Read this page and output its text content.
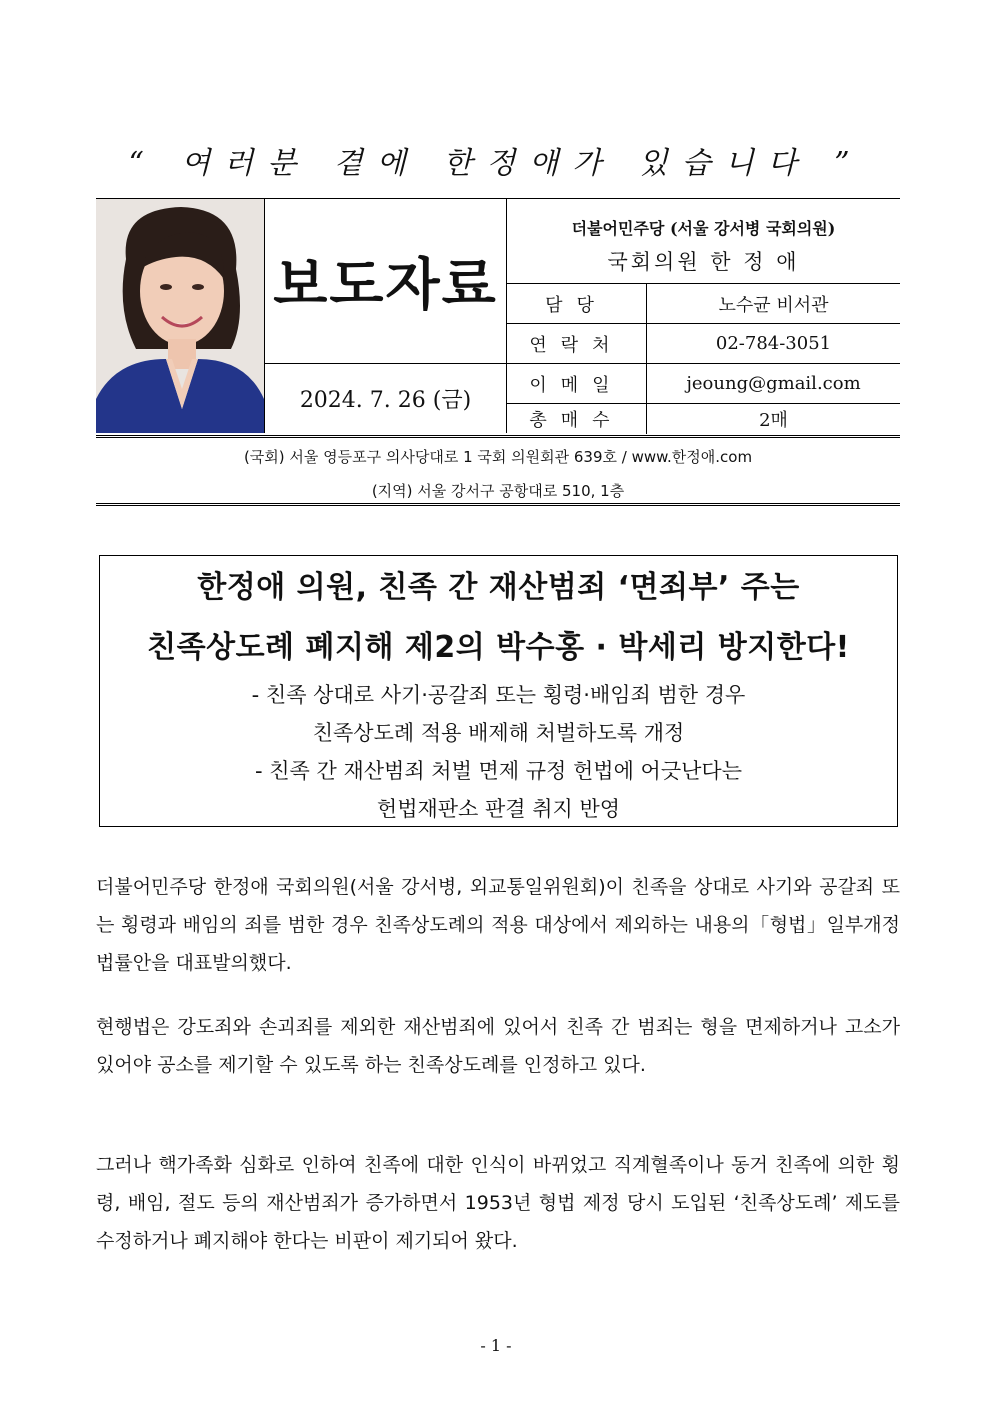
“ 여러분 곁에 한정애가 있습니다 ”
보도자료
2024. 7. 26 (금)
더불어민주당 (서울 강서병 국회의원)
국회의원 한 정 애
담당	노수균 비서관
연락처	02-784-3051
이메일	jeoung@gmail.com
총매수	2매
(국회) 서울 영등포구 의사당대로 1 국회 의원회관 639호 / www.한정애.com
(지역) 서울 강서구 공항대로 510, 1층
한정애 의원, 친족 간 재산범죄 ‘면죄부’ 주는
친족상도례 폐지해 제2의 박수홍 · 박세리 방지한다!
- 친족 상대로 사기·공갈죄 또는 횡령·배임죄 범한 경우
친족상도례 적용 배제해 처벌하도록 개정
- 친족 간 재산범죄 처벌 면제 규정 헌법에 어긋난다는
헌법재판소 판결 취지 반영
더불어민주당 한정애 국회의원(서울 강서병, 외교통일위원회)이 친족을 상대로 사기와 공갈죄 또는 횡령과 배임의 죄를 범한 경우 친족상도례의 적용 대상에서 제외하는 내용의「형법」일부개정법률안을 대표발의했다.
현행법은 강도죄와 손괴죄를 제외한 재산범죄에 있어서 친족 간 범죄는 형을 면제하거나 고소가 있어야 공소를 제기할 수 있도록 하는 친족상도례를 인정하고 있다.
그러나 핵가족화 심화로 인하여 친족에 대한 인식이 바뀌었고 직계혈족이나 동거 친족에 의한 횡령, 배임, 절도 등의 재산범죄가 증가하면서 1953년 형법 제정 당시 도입된 ‘친족상도례’ 제도를 수정하거나 폐지해야 한다는 비판이 제기되어 왔다.
- 1 -
